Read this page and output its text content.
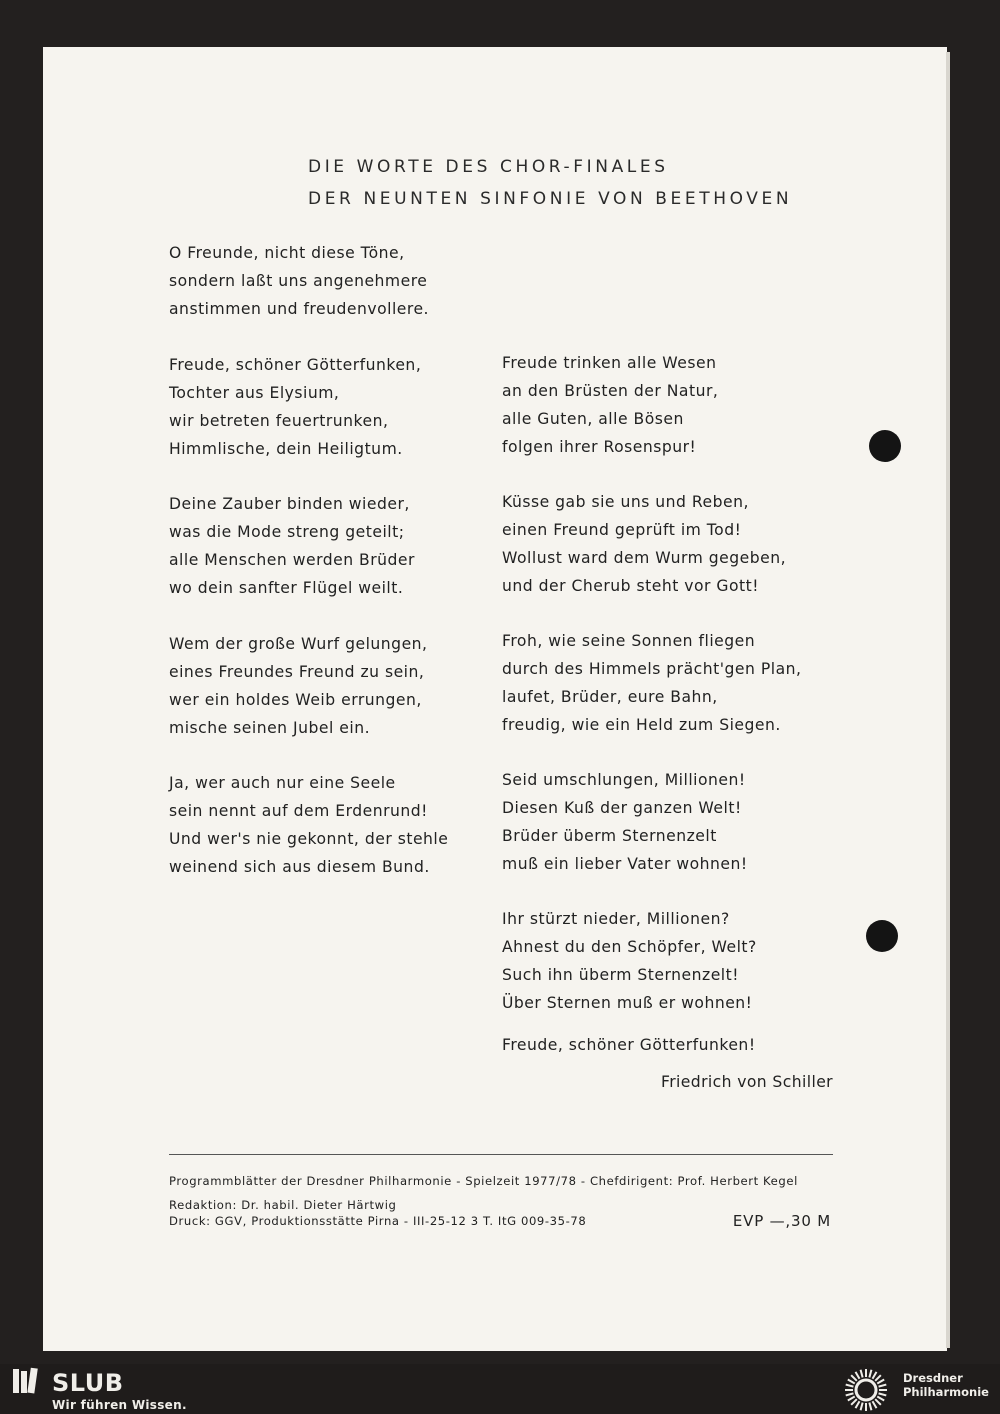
DIE WORTE DES CHOR-FINALES
DER NEUNTEN SINFONIE VON BEETHOVEN
O Freunde, nicht diese Töne,
sondern laßt uns angenehmere
anstimmen und freudenvollere.
Freude, schöner Götterfunken,
Tochter aus Elysium,
wir betreten feuertrunken,
Himmlische, dein Heiligtum.
Deine Zauber binden wieder,
was die Mode streng geteilt;
alle Menschen werden Brüder
wo dein sanfter Flügel weilt.
Wem der große Wurf gelungen,
eines Freundes Freund zu sein,
wer ein holdes Weib errungen,
mische seinen Jubel ein.
Ja, wer auch nur eine Seele
sein nennt auf dem Erdenrund!
Und wer's nie gekonnt, der stehle
weinend sich aus diesem Bund.
Freude trinken alle Wesen
an den Brüsten der Natur,
alle Guten, alle Bösen
folgen ihrer Rosenspur!
Küsse gab sie uns und Reben,
einen Freund geprüft im Tod!
Wollust ward dem Wurm gegeben,
und der Cherub steht vor Gott!
Froh, wie seine Sonnen fliegen
durch des Himmels prächt'gen Plan,
laufet, Brüder, eure Bahn,
freudig, wie ein Held zum Siegen.
Seid umschlungen, Millionen!
Diesen Kuß der ganzen Welt!
Brüder überm Sternenzelt
muß ein lieber Vater wohnen!
Ihr stürzt nieder, Millionen?
Ahnest du den Schöpfer, Welt?
Such ihn überm Sternenzelt!
Über Sternen muß er wohnen!
Freude, schöner Götterfunken!
Friedrich von Schiller
Programmblätter der Dresdner Philharmonie - Spielzeit 1977/78 - Chefdirigent: Prof. Herbert Kegel
Redaktion: Dr. habil. Dieter Härtwig
Druck: GGV, Produktionsstätte Pirna - III-25-12 3 T. ItG 009-35-78	EVP —,30 M
SLUB
Wir führen Wissen.
Dresdner
Philharmonie
